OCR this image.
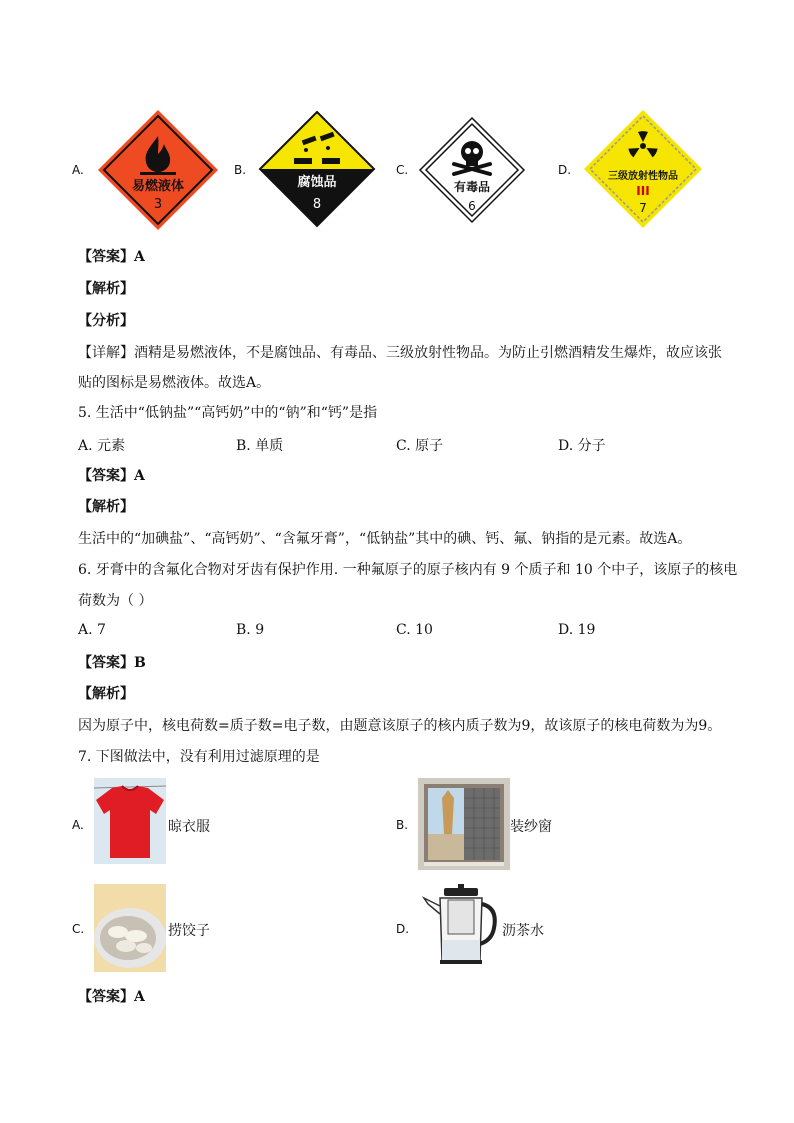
A.
易燃液体
3
B.
腐蚀品
8
C.
有毒品
6
D.	三级放射性物品
III
7
【答案】A
【解析】
【分析】
【详解】酒精是易燃液体，不是腐蚀品、有毒品、三级放射性物品。为防止引燃酒精发生爆炸，故应该张
贴的图标是易燃液体。故选A。
5. 生活中“低钠盐”“高钙奶”中的“钠”和“钙”是指
A. 元素	B. 单质	C. 原子	D. 分子
【答案】A
【解析】
生活中的“加碘盐”、“高钙奶”、“含氟牙膏”，“低钠盐”其中的碘、钙、氟、钠指的是元素。故选A。
6. 牙膏中的含氟化合物对牙齿有保护作用. 一种氟原子的原子核内有 9 个质子和 10 个中子，该原子的核电
荷数为（ ）
A. 7	B. 9	C. 10	D. 19
【答案】B
【解析】
因为原子中，核电荷数=质子数=电子数，由题意该原子的核内质子数为9，故该原子的核电荷数为为9。
7. 下图做法中，没有利用过滤原理的是
A.	晾衣服	B.	装纱窗
C.	捞饺子	D.	沥茶水
【答案】A
